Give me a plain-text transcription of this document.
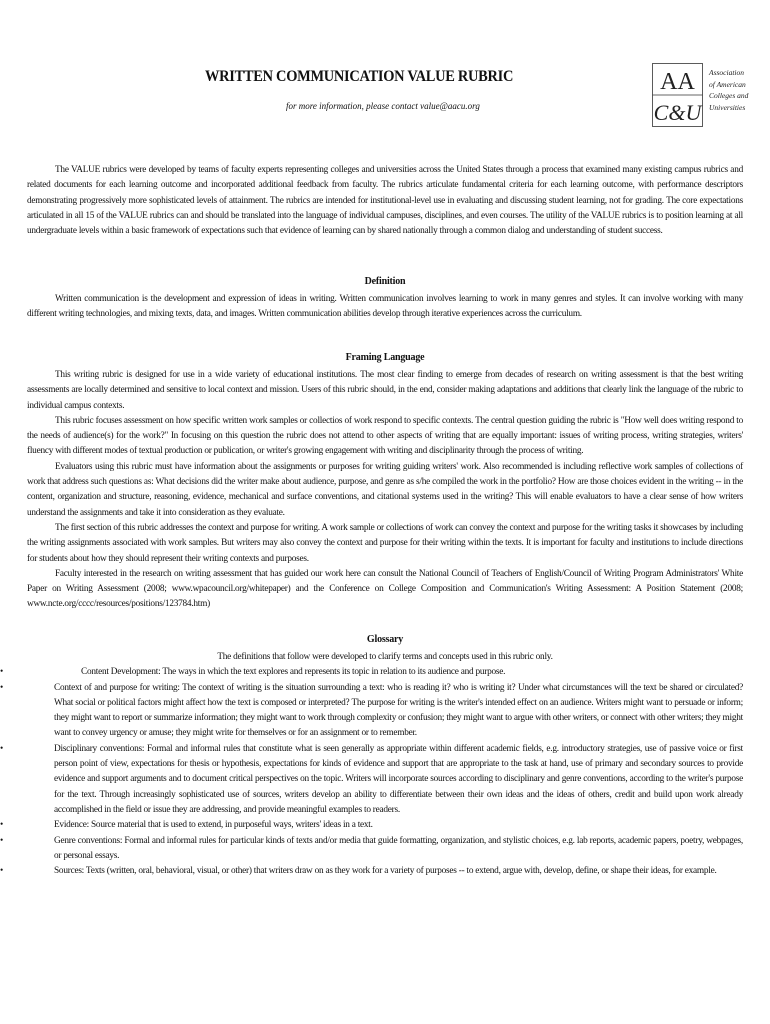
WRITTEN COMMUNICATION VALUE RUBRIC
for more information, please contact value@aacu.org
AA
C&U
Association
of American
Colleges and
Universities

The VALUE rubrics were developed by teams of faculty experts representing colleges and universities across the United States through a process that examined many existing campus rubrics and related documents for each learning outcome and incorporated additional feedback from faculty. The rubrics articulate fundamental criteria for each learning outcome, with performance descriptors demonstrating progressively more sophisticated levels of attainment. The rubrics are intended for institutional-level use in evaluating and discussing student learning, not for grading. The core expectations articulated in all 15 of the VALUE rubrics can and should be translated into the language of individual campuses, disciplines, and even courses. The utility of the VALUE rubrics is to position learning at all undergraduate levels within a basic framework of expectations such that evidence of learning can by shared nationally through a common dialog and understanding of student success.

Definition

Written communication is the development and expression of ideas in writing. Written communication involves learning to work in many genres and styles. It can involve working with many different writing technologies, and mixing texts, data, and images. Written communication abilities develop through iterative experiences across the curriculum.

Framing Language

This writing rubric is designed for use in a wide variety of educational institutions. The most clear finding to emerge from decades of research on writing assessment is that the best writing assessments are locally determined and sensitive to local context and mission. Users of this rubric should, in the end, consider making adaptations and additions that clearly link the language of the rubric to individual campus contexts.

This rubric focuses assessment on how specific written work samples or collectios of work respond to specific contexts. The central question guiding the rubric is "How well does writing respond to the needs of audience(s) for the work?" In focusing on this question the rubric does not attend to other aspects of writing that are equally important: issues of writing process, writing strategies, writers' fluency with different modes of textual production or publication, or writer's growing engagement with writing and disciplinarity through the process of writing.

Evaluators using this rubric must have information about the assignments or purposes for writing guiding writers' work. Also recommended is including reflective work samples of collections of work that address such questions as: What decisions did the writer make about audience, purpose, and genre as s/he compiled the work in the portfolio? How are those choices evident in the writing -- in the content, organization and structure, reasoning, evidence, mechanical and surface conventions, and citational systems used in the writing? This will enable evaluators to have a clear sense of how writers understand the assignments and take it into consideration as they evaluate.

The first section of this rubric addresses the context and purpose for writing. A work sample or collections of work can convey the context and purpose for the writing tasks it showcases by including the writing assignments associated with work samples. But writers may also convey the context and purpose for their writing within the texts. It is important for faculty and institutions to include directions for students about how they should represent their writing contexts and purposes.

Faculty interested in the research on writing assessment that has guided our work here can consult the National Council of Teachers of English/Council of Writing Program Administrators' White Paper on Writing Assessment (2008; www.wpacouncil.org/whitepaper) and the Conference on College Composition and Communication's Writing Assessment: A Position Statement (2008; www.ncte.org/cccc/resources/positions/123784.htm)

Glossary

The definitions that follow were developed to clarify terms and concepts used in this rubric only.

•	Content Development: The ways in which the text explores and represents its topic in relation to its audience and purpose.

•	Context of and purpose for writing: The context of writing is the situation surrounding a text: who is reading it? who is writing it? Under what circumstances will the text be shared or circulated? What social or political factors might affect how the text is composed or interpreted? The purpose for writing is the writer's intended effect on an audience. Writers might want to persuade or inform; they might want to report or summarize information; they might want to work through complexity or confusion; they might want to argue with other writers, or connect with other writers; they might want to convey urgency or amuse; they might write for themselves or for an assignment or to remember.

•	Disciplinary conventions: Formal and informal rules that constitute what is seen generally as appropriate within different academic fields, e.g. introductory strategies, use of passive voice or first person point of view, expectations for thesis or hypothesis, expectations for kinds of evidence and support that are appropriate to the task at hand, use of primary and secondary sources to provide evidence and support arguments and to document critical perspectives on the topic. Writers will incorporate sources according to disciplinary and genre conventions, according to the writer's purpose for the text. Through increasingly sophisticated use of sources, writers develop an ability to differentiate between their own ideas and the ideas of others, credit and build upon work already accomplished in the field or issue they are addressing, and provide meaningful examples to readers.

•	Evidence: Source material that is used to extend, in purposeful ways, writers' ideas in a text.

•	Genre conventions: Formal and informal rules for particular kinds of texts and/or media that guide formatting, organization, and stylistic choices, e.g. lab reports, academic papers, poetry, webpages, or personal essays.

•	Sources: Texts (written, oral, behavioral, visual, or other) that writers draw on as they work for a variety of purposes -- to extend, argue with, develop, define, or shape their ideas, for example.
